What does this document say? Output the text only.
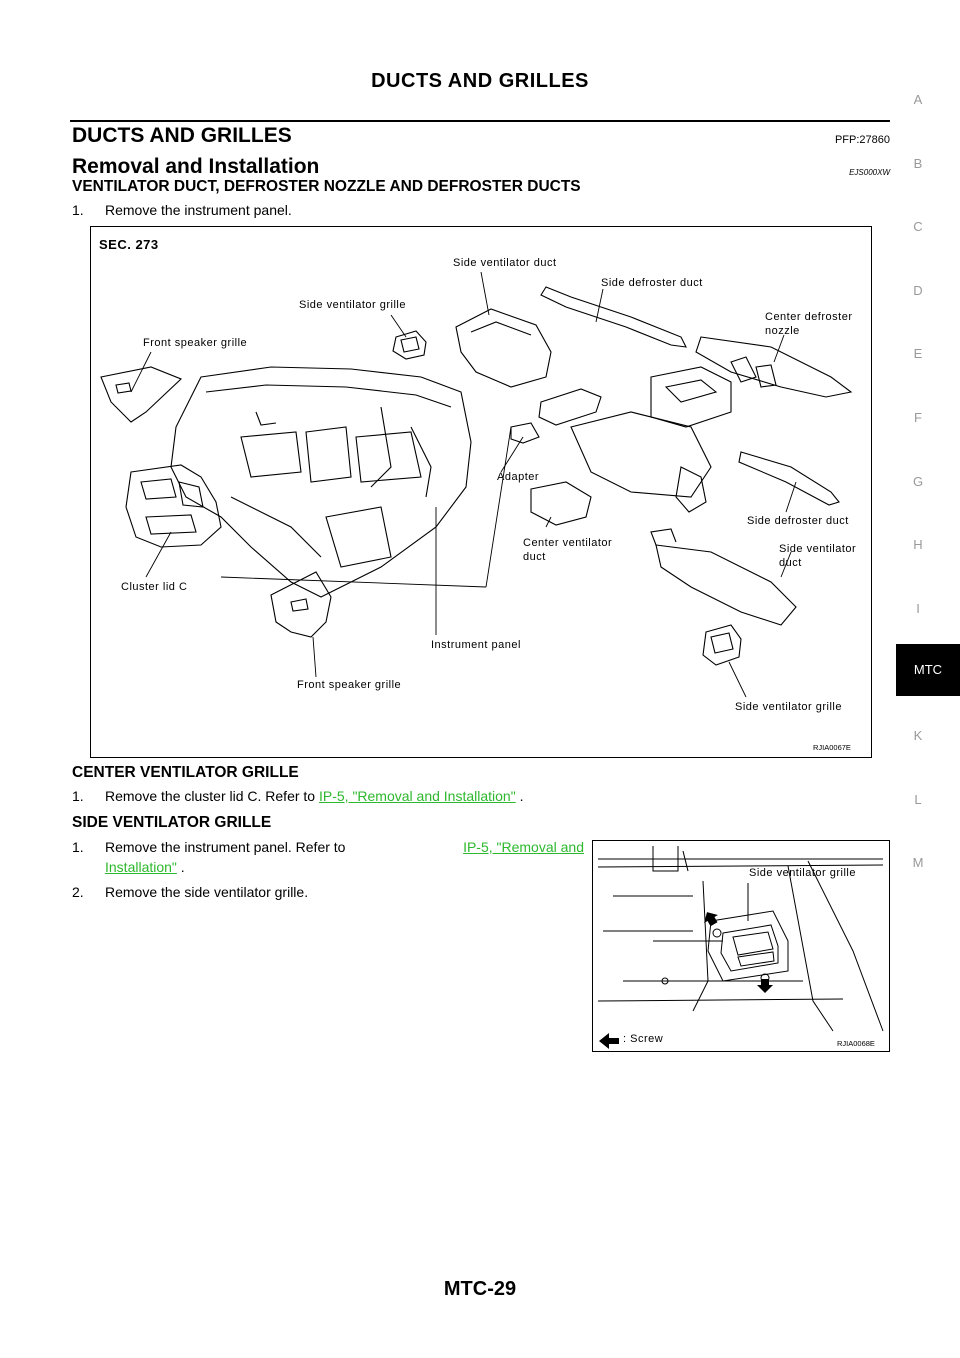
DUCTS AND GRILLES
DUCTS AND GRILLES	PFP:27860
Removal and Installation	EJS000XW
VENTILATOR DUCT, DEFROSTER NOZZLE AND DEFROSTER DUCTS
1. Remove the instrument panel.
SEC. 273
Side ventilator duct
Side defroster duct
Side ventilator grille
Center defroster
nozzle
Front speaker grille
Adapter
Center ventilator
duct
Side defroster duct
Side ventilator
duct
Cluster lid C
Instrument panel
Front speaker grille
Side ventilator grille
RJIA0067E
CENTER VENTILATOR GRILLE
1. Remove the cluster lid C. Refer to IP-5, "Removal and Installation" .
SIDE VENTILATOR GRILLE
1. Remove the instrument panel. Refer to	IP-5, "Removal and
Installation" .
2. Remove the side ventilator grille.
Side ventilator grille
: Screw	RJIA0068E
A
B
C
D
E
F
G
H
I
MTC
K
L
M
MTC-29
